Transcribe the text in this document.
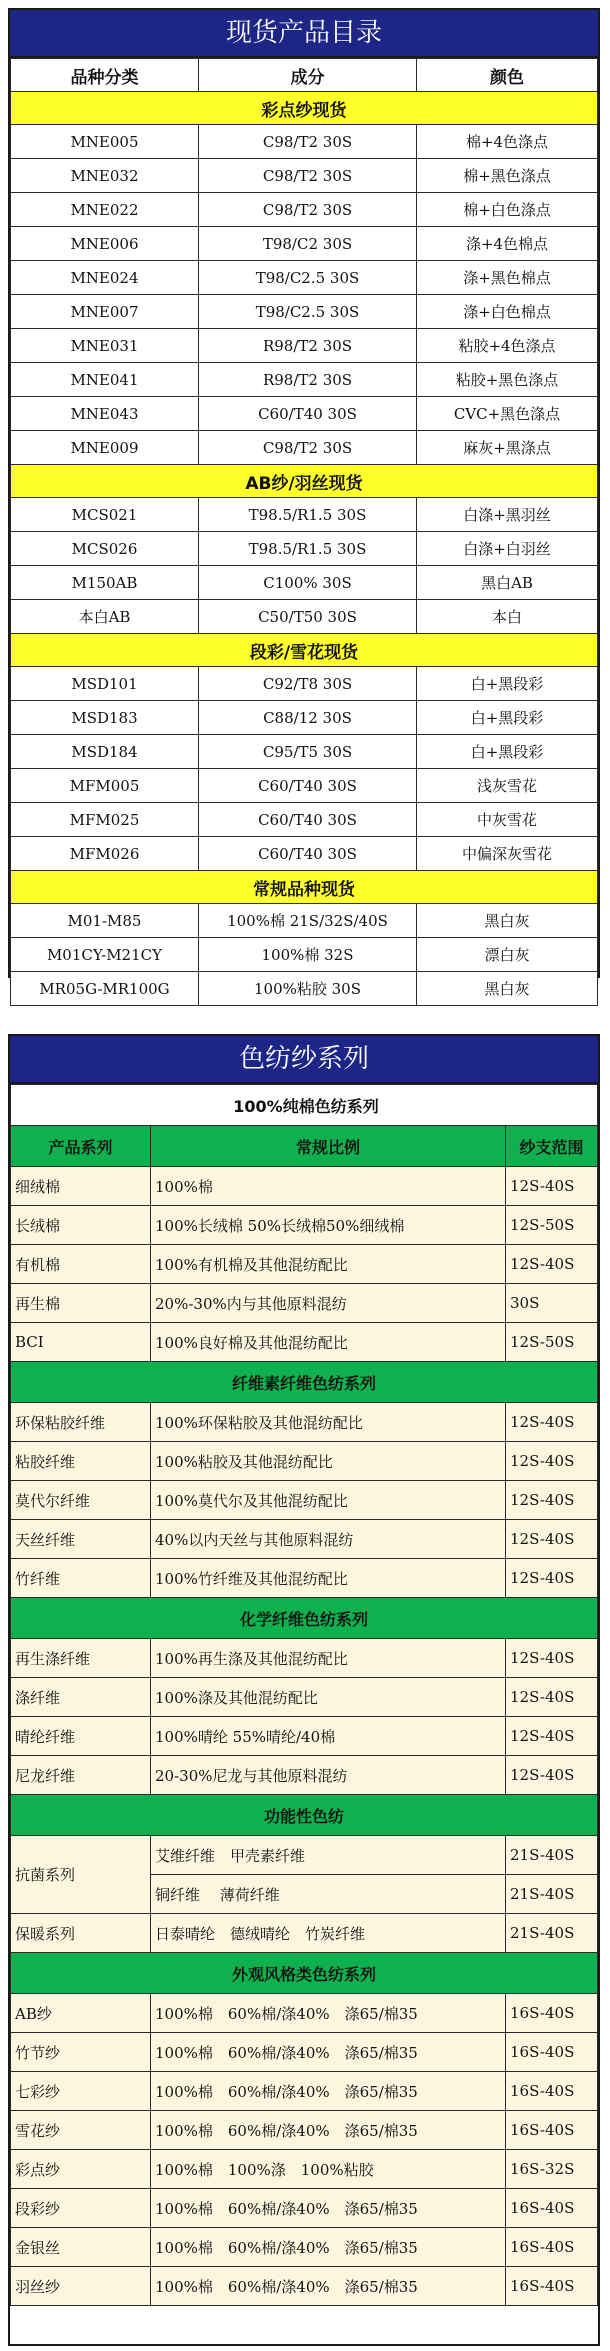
现货产品目录
品种分类	成分	颜色
彩点纱现货		
MNE005	C98/T2 30S	棉+4色涤点
MNE032	C98/T2 30S	棉+黑色涤点
MNE022	C98/T2 30S	棉+白色涤点
MNE006	T98/C2 30S	涤+4色棉点
MNE024	T98/C2.5 30S	涤+黑色棉点
MNE007	T98/C2.5 30S	涤+白色棉点
MNE031	R98/T2 30S	粘胶+4色涤点
MNE041	R98/T2 30S	粘胶+黑色涤点
MNE043	C60/T40 30S	CVC+黑色涤点
MNE009	C98/T2 30S	麻灰+黑涤点
AB纱/羽丝现货		
MCS021	T98.5/R1.5 30S	白涤+黑羽丝
MCS026	T98.5/R1.5 30S	白涤+白羽丝
M150AB	C100% 30S	黑白AB
本白AB	C50/T50 30S	本白
段彩/雪花现货		
MSD101	C92/T8 30S	白+黑段彩
MSD183	C88/12 30S	白+黑段彩
MSD184	C95/T5 30S	白+黑段彩
MFM005	C60/T40 30S	浅灰雪花
MFM025	C60/T40 30S	中灰雪花
MFM026	C60/T40 30S	中偏深灰雪花
常规品种现货		
M01-M85	100%棉 21S/32S/40S	黑白灰
M01CY-M21CY	100%棉 32S	漂白灰
MR05G-MR100G	100%粘胶 30S	黑白灰
色纺纱系列
100%纯棉色纺系列		
产品系列	常规比例	纱支范围
细绒棉	100%棉	12S-40S
长绒棉	100%长绒棉 50%长绒棉50%细绒棉	12S-50S
有机棉	100%有机棉及其他混纺配比	12S-40S
再生棉	20%-30%内与其他原料混纺	30S
BCI	100%良好棉及其他混纺配比	12S-50S
纤维素纤维色纺系列		
环保粘胶纤维	100%环保粘胶及其他混纺配比	12S-40S
粘胶纤维	100%粘胶及其他混纺配比	12S-40S
莫代尔纤维	100%莫代尔及其他混纺配比	12S-40S
天丝纤维	40%以内天丝与其他原料混纺	12S-40S
竹纤维	100%竹纤维及其他混纺配比	12S-40S
化学纤维色纺系列		
再生涤纤维	100%再生涤及其他混纺配比	12S-40S
涤纤维	100%涤及其他混纺配比	12S-40S
晴纶纤维	100%晴纶 55%晴纶/40棉	12S-40S
尼龙纤维	20-30%尼龙与其他原料混纺	12S-40S
功能性色纺		
抗菌系列	艾维纤维　甲壳素纤维	21S-40S
	铜纤维　 薄荷纤维	21S-40S
保暖系列	日泰晴纶　德绒晴纶　竹炭纤维	21S-40S
外观风格类色纺系列		
AB纱	100%棉　60%棉/涤40%　涤65/棉35	16S-40S
竹节纱	100%棉　60%棉/涤40%　涤65/棉35	16S-40S
七彩纱	100%棉　60%棉/涤40%　涤65/棉35	16S-40S
雪花纱	100%棉　60%棉/涤40%　涤65/棉35	16S-40S
彩点纱	100%棉　100%涤　100%粘胶	16S-32S
段彩纱	100%棉　60%棉/涤40%　涤65/棉35	16S-40S
金银丝	100%棉　60%棉/涤40%　涤65/棉35	16S-40S
羽丝纱	100%棉　60%棉/涤40%　涤65/棉35	16S-40S
